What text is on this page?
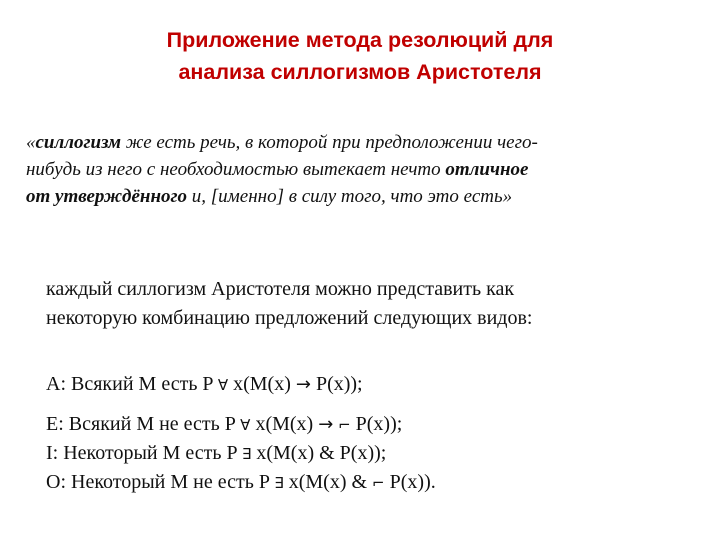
Приложение метода резолюций для
анализа силлогизмов Аристотеля
«силлогизм же есть речь, в которой при предположении чего-
нибудь из него с необходимостью вытекает нечто отличное
от утверждённого и, [именно] в силу того, что это есть»
каждый силлогизм Аристотеля можно представить как
некоторую комбинацию предложений следующих видов:
A: Всякий M есть P ∀ x(M(x) → P(x));
E: Всякий M не есть P ∀ x(M(x) → ⌐ P(x));
I: Некоторый M есть P ∃ x(M(x) & P(x));
O: Некоторый M не есть P ∃ x(M(x) & ⌐ P(x)).
